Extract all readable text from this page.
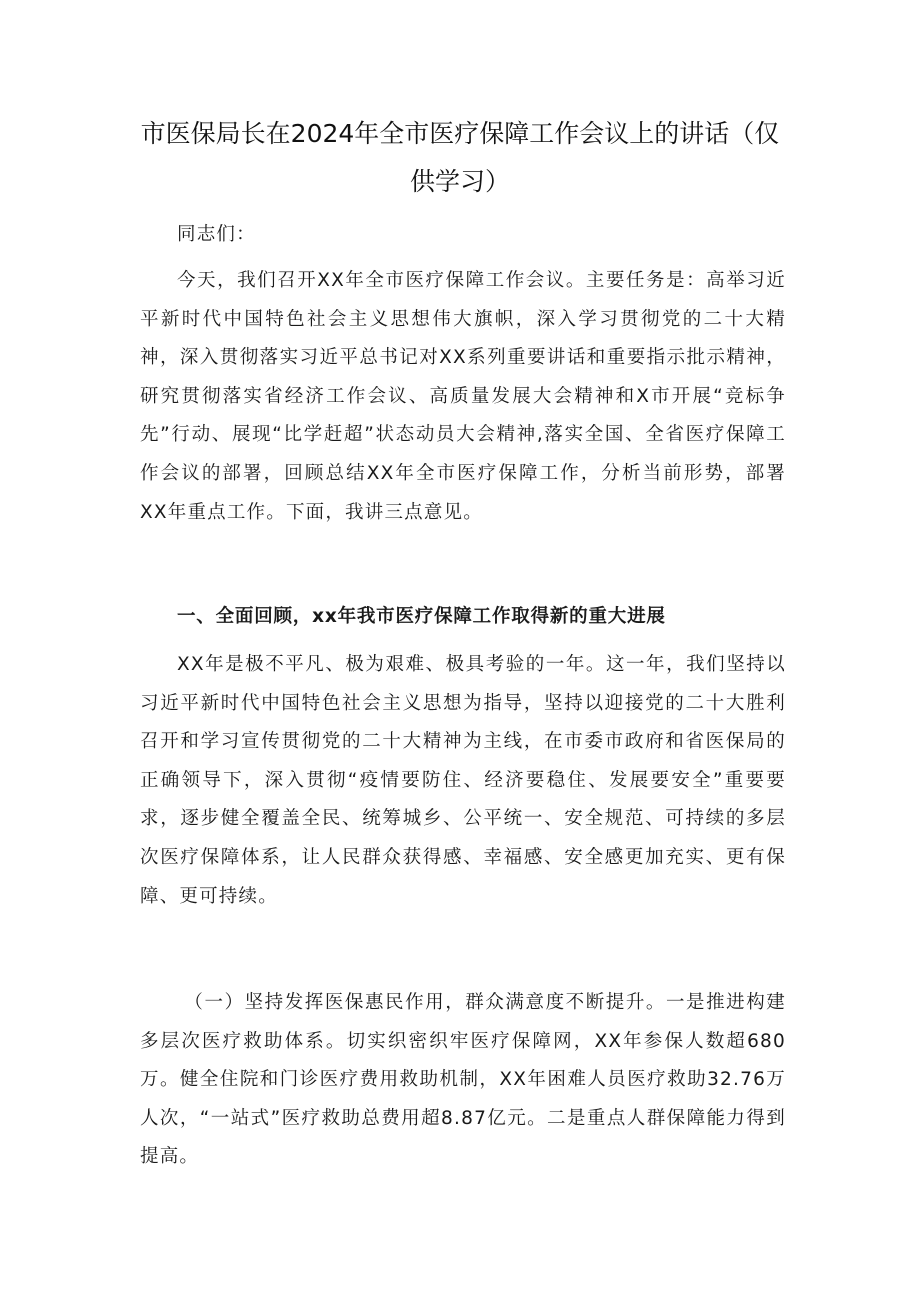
市医保局长在2024年全市医疗保障工作会议上的讲话（仅供学习）

同志们：

今天，我们召开XX年全市医疗保障工作会议。主要任务是：高举习近平新时代中国特色社会主义思想伟大旗帜，深入学习贯彻党的二十大精神，深入贯彻落实习近平总书记对XX系列重要讲话和重要指示批示精神，研究贯彻落实省经济工作会议、高质量发展大会精神和X市开展“竞标争先”行动、展现“比学赶超”状态动员大会精神,落实全国、全省医疗保障工作会议的部署，回顾总结XX年全市医疗保障工作，分析当前形势，部署XX年重点工作。下面，我讲三点意见。

一、全面回顾，xx年我市医疗保障工作取得新的重大进展

XX年是极不平凡、极为艰难、极具考验的一年。这一年，我们坚持以习近平新时代中国特色社会主义思想为指导，坚持以迎接党的二十大胜利召开和学习宣传贯彻党的二十大精神为主线，在市委市政府和省医保局的正确领导下，深入贯彻“疫情要防住、经济要稳住、发展要安全”重要要求，逐步健全覆盖全民、统筹城乡、公平统一、安全规范、可持续的多层次医疗保障体系，让人民群众获得感、幸福感、安全感更加充实、更有保障、更可持续。

（一）坚持发挥医保惠民作用，群众满意度不断提升。一是推进构建多层次医疗救助体系。切实织密织牢医疗保障网，XX年参保人数超680万。健全住院和门诊医疗费用救助机制，XX年困难人员医疗救助32.76万人次，“一站式”医疗救助总费用超8.87亿元。二是重点人群保障能力得到提高。
